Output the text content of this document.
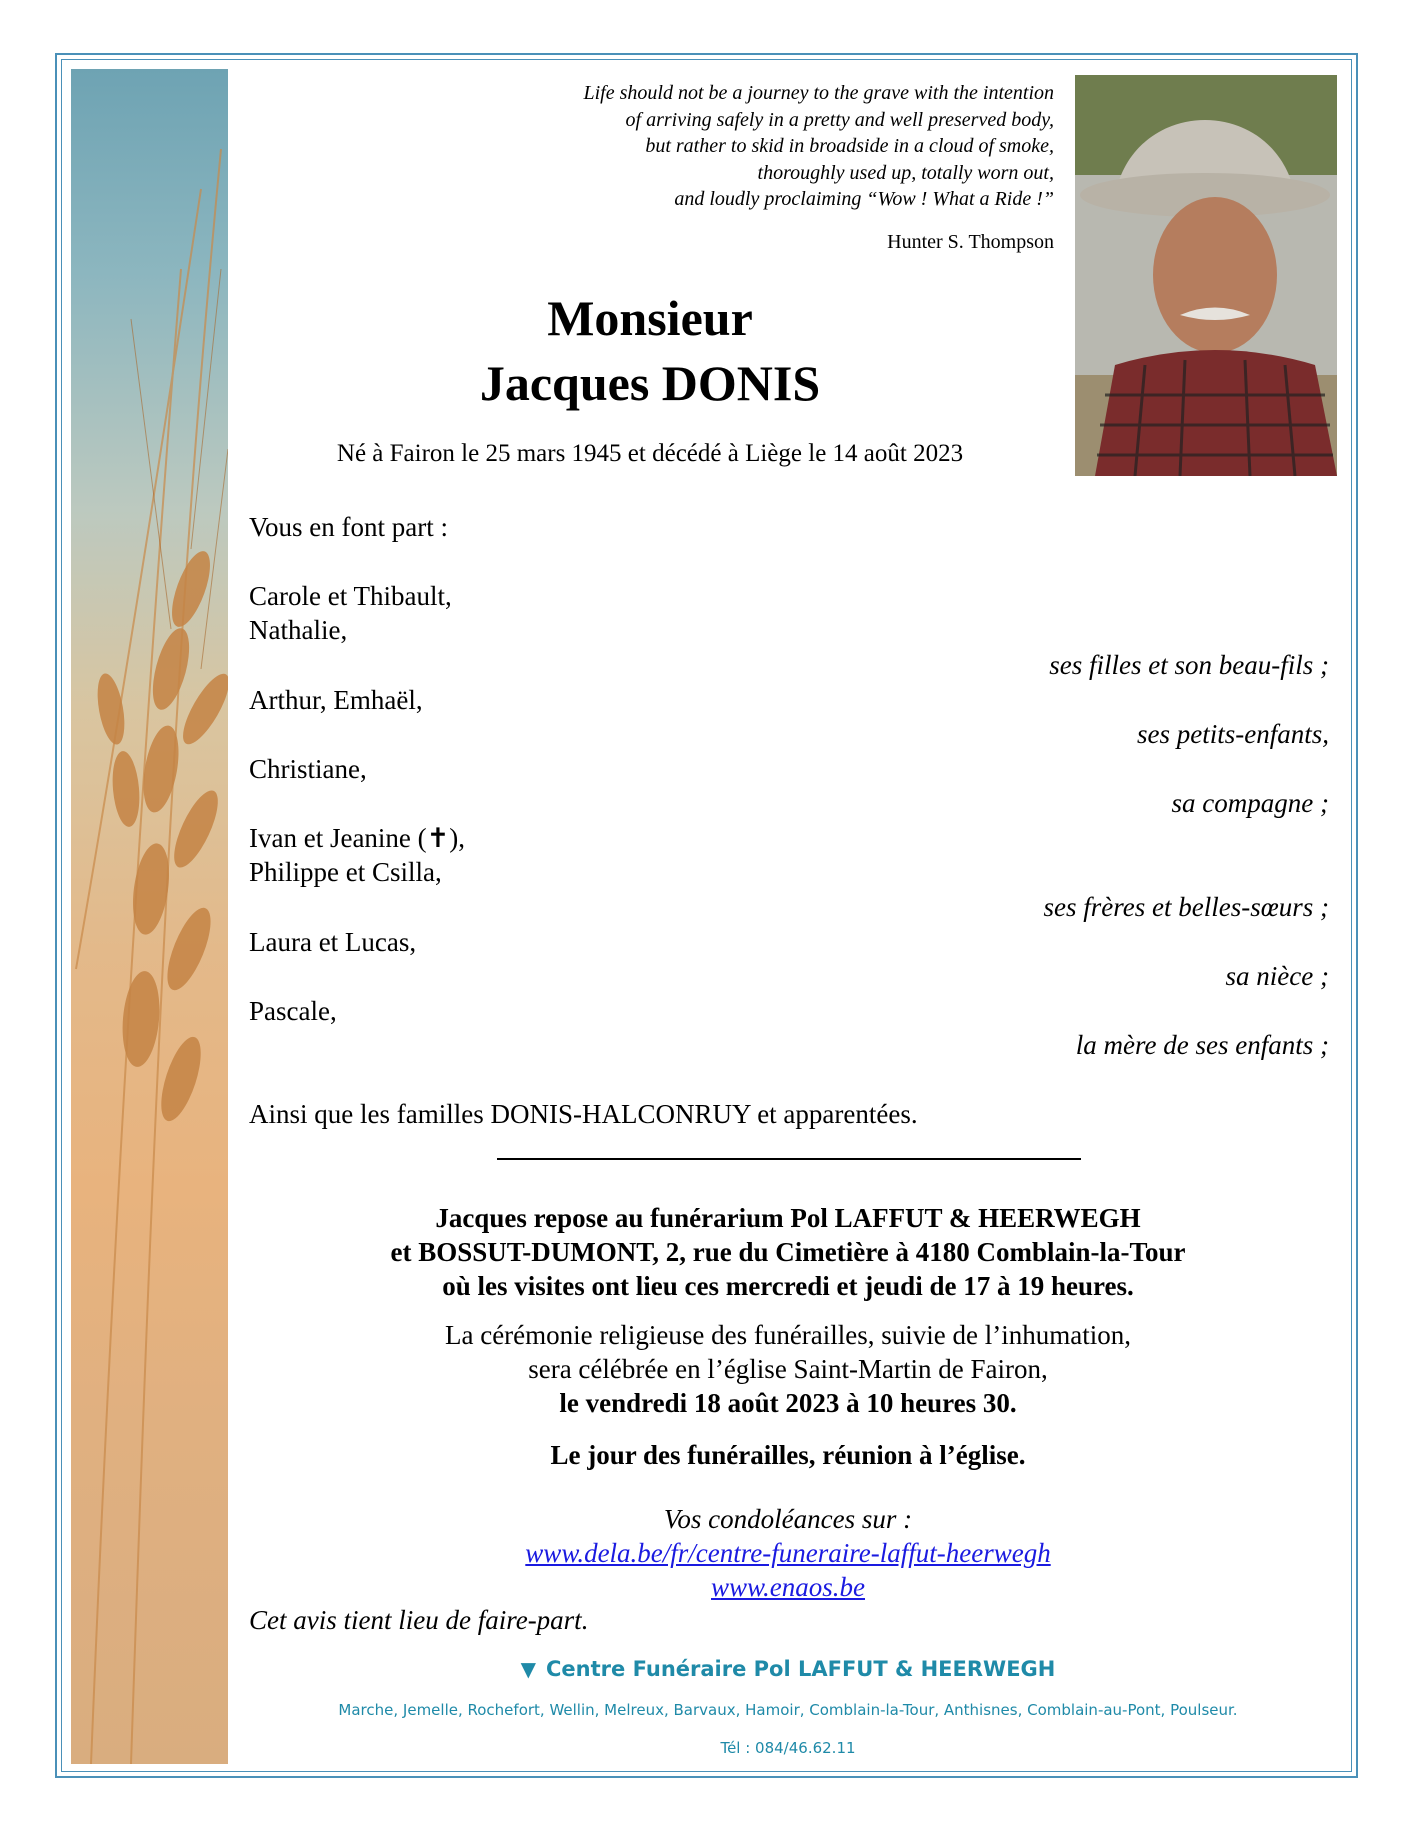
Life should not be a journey to the grave with the intention
of arriving safely in a pretty and well preserved body,
but rather to skid in broadside in a cloud of smoke,
thoroughly used up, totally worn out,
and loudly proclaiming “Wow ! What a Ride !”
Hunter S. Thompson
Monsieur
Jacques DONIS
Né à Fairon le 25 mars 1945 et décédé à Liège le 14 août 2023
Vous en font part :
Carole et Thibault,
Nathalie,
ses filles et son beau-fils ;
Arthur, Emhaël,
ses petits-enfants,
Christiane,
sa compagne ;
Ivan et Jeanine (✝),
Philippe et Csilla,
ses frères et belles-sœurs ;
Laura et Lucas,
sa nièce ;
Pascale,
la mère de ses enfants ;
Ainsi que les familles DONIS-HALCONRUY et apparentées.
Jacques repose au funérarium Pol LAFFUT & HEERWEGH
et BOSSUT-DUMONT, 2, rue du Cimetière à 4180 Comblain-la-Tour
où les visites ont lieu ces mercredi et jeudi de 17 à 19 heures.
La cérémonie religieuse des funérailles, suivie de l’inhumation,
sera célébrée en l’église Saint-Martin de Fairon,
le vendredi 18 août 2023 à 10 heures 30.
Le jour des funérailles, réunion à l’église.
Vos condoléances sur :
www.dela.be/fr/centre-funeraire-laffut-heerwegh
www.enaos.be
Cet avis tient lieu de faire-part.
▼ Centre Funéraire Pol LAFFUT & HEERWEGH
Marche, Jemelle, Rochefort, Wellin, Melreux, Barvaux, Hamoir, Comblain-la-Tour, Anthisnes, Comblain-au-Pont, Poulseur.
Tél : 084/46.62.11
